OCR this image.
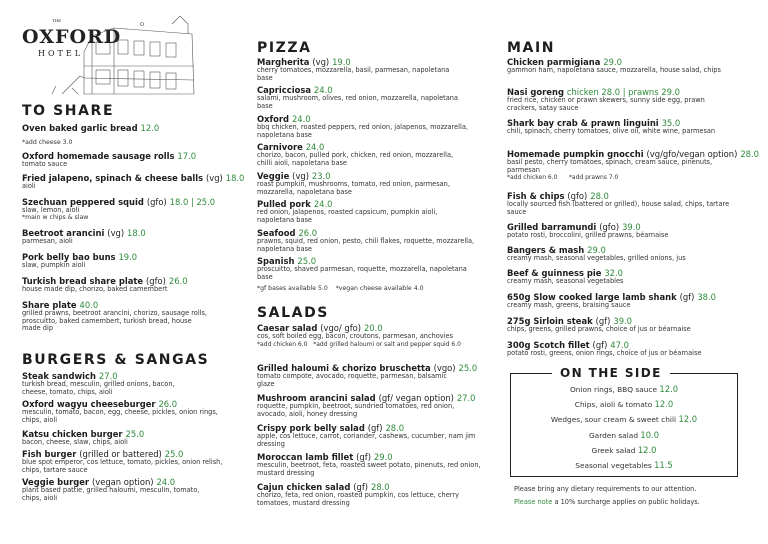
THE
OXFORD
HOTEL
TO SHARE
Oven baked garlic bread 12.0
*add cheese 3.0
Oxford homemade sausage rolls 17.0
tomato sauce
Fried jalapeno, spinach & cheese balls (vg) 18.0
aioli
Szechuan peppered squid (gfo) 18.0 | 25.0
slaw, lemon, aioli
*main w chips & slaw
Beetroot arancini (vg) 18.0
parmesan, aioli
Pork belly bao buns 19.0
slaw, pumpkin aioli
Turkish bread share plate (gfo) 26.0
house made dip, chorizo, baked camembert
Share plate 40.0
grilled prawns, beetroot arancini, chorizo, sausage rolls, proscuitto, baked camembert, turkish bread, house made dip
BURGERS & SANGAS
Steak sandwich 27.0
turkish bread, mesculin, grilled onions, bacon, cheese, tomato, chips, aioli
Oxford wagyu cheeseburger 26.0
mesculin, tomato, bacon, egg, cheese, pickles, onion rings, chips, aioli
Katsu chicken burger 25.0
bacon, cheese, slaw, chips, aioli
Fish burger (grilled or battered) 25.0
blue spot emperor, cos lettuce, tomato, pickles, onion relish, chips, tartare sauce
Veggie burger (vegan option) 24.0
plant based pattie, grilled haloumi, mesculin, tomato, chips, aioli
PIZZA
Margherita (vg) 19.0
cherry tomatoes, mozzarella, basil, parmesan, napoletana base
Capricciosa 24.0
salami, mushroom, olives, red onion, mozzarella, napoletana base
Oxford 24.0
bbq chicken, roasted peppers, red onion, jalapenos, mozzarella, napoletana base
Carnivore 24.0
chorizo, bacon, pulled pork, chicken, red onion, mozzarella, chilli aioli, napoletana base
Veggie (vg) 23.0
roast pumpkin, mushrooms, tomato, red onion, parmesan, mozzarella, napoletana base
Pulled pork 24.0
red onion, jalapenos, roasted capsicum, pumpkin aioli, napoletana base
Seafood 26.0
prawns, squid, red onion, pesto, chili flakes, roquette, mozzarella, napoletana base
Spanish 25.0
proscuitto, shaved parmesan, roquette, mozzarella, napoletana base
*gf bases available 5.0    *vegan cheese available 4.0
SALADS
Caesar salad (vgo/ gfo) 20.0
cos, soft boiled egg, bacon, croutons, parmesan, anchovies
*add chicken 6.0   *add grilled haloumi or salt and pepper squid 6.0
Grilled haloumi & chorizo bruschetta (vgo) 25.0
tomato compote, avocado, roquette, parmesan, balsamic glaze
Mushroom arancini salad (gf/ vegan option) 27.0
roquette, pumpkin, beetroot, sundried tomatoes, red onion, avocado, aioli, honey dressing
Crispy pork belly salad (gf) 28.0
apple, cos lettuce, carrot, coriander, cashews, cucumber, nam jim dressing
Moroccan lamb fillet (gf) 29.0
mesculin, beetroot, feta, roasted sweet potato, pinenuts, red onion, mustard dressing
Cajun chicken salad (gf) 28.0
chorizo, feta, red onion, roasted pumpkin, cos lettuce, cherry tomatoes, mustard dressing
MAIN
Chicken parmigiana 29.0
gammon ham, napoletana sauce, mozzarella, house salad, chips
Nasi goreng chicken 28.0 | prawns 29.0
fried rice, chicken or prawn skewers, sunny side egg, prawn crackers, satay sauce
Shark bay crab & prawn linguini 35.0
chili, spinach, cherry tomatoes, olive oil, white wine, parmesan
Homemade pumpkin gnocchi (vg/gfo/vegan option) 28.0
basil pesto, cherry tomatoes, spinach, cream sauce, pinenuts, parmesan
*add chicken 6.0      *add prawns 7.0
Fish & chips (gfo) 28.0
locally sourced fish (battered or grilled), house salad, chips, tartare sauce
Grilled barramundi (gfo) 39.0
potato rosti, broccolini, grilled prawns, béarnaise
Bangers & mash 29.0
creamy mash, seasonal vegetables, grilled onions, jus
Beef & guinness pie 32.0
creamy mash, seasonal vegetables
650g Slow cooked large lamb shank (gf) 38.0
creamy mash, greens, braising sauce
275g Sirloin steak (gf) 39.0
chips, greens, grilled prawns, choice of jus or béarnaise
300g Scotch fillet (gf) 47.0
potato rosti, greens, onion rings, choice of jus or béarnaise
ON THE SIDE
Onion rings, BBQ sauce 12.0
Chips, aioli & tomato 12.0
Wedges, sour cream & sweet chili 12.0
Garden salad 10.0
Greek salad 12.0
Seasonal vegetables 11.5
Please bring any dietary requirements to our attention.
Please note a 10% surcharge applies on public holidays.
